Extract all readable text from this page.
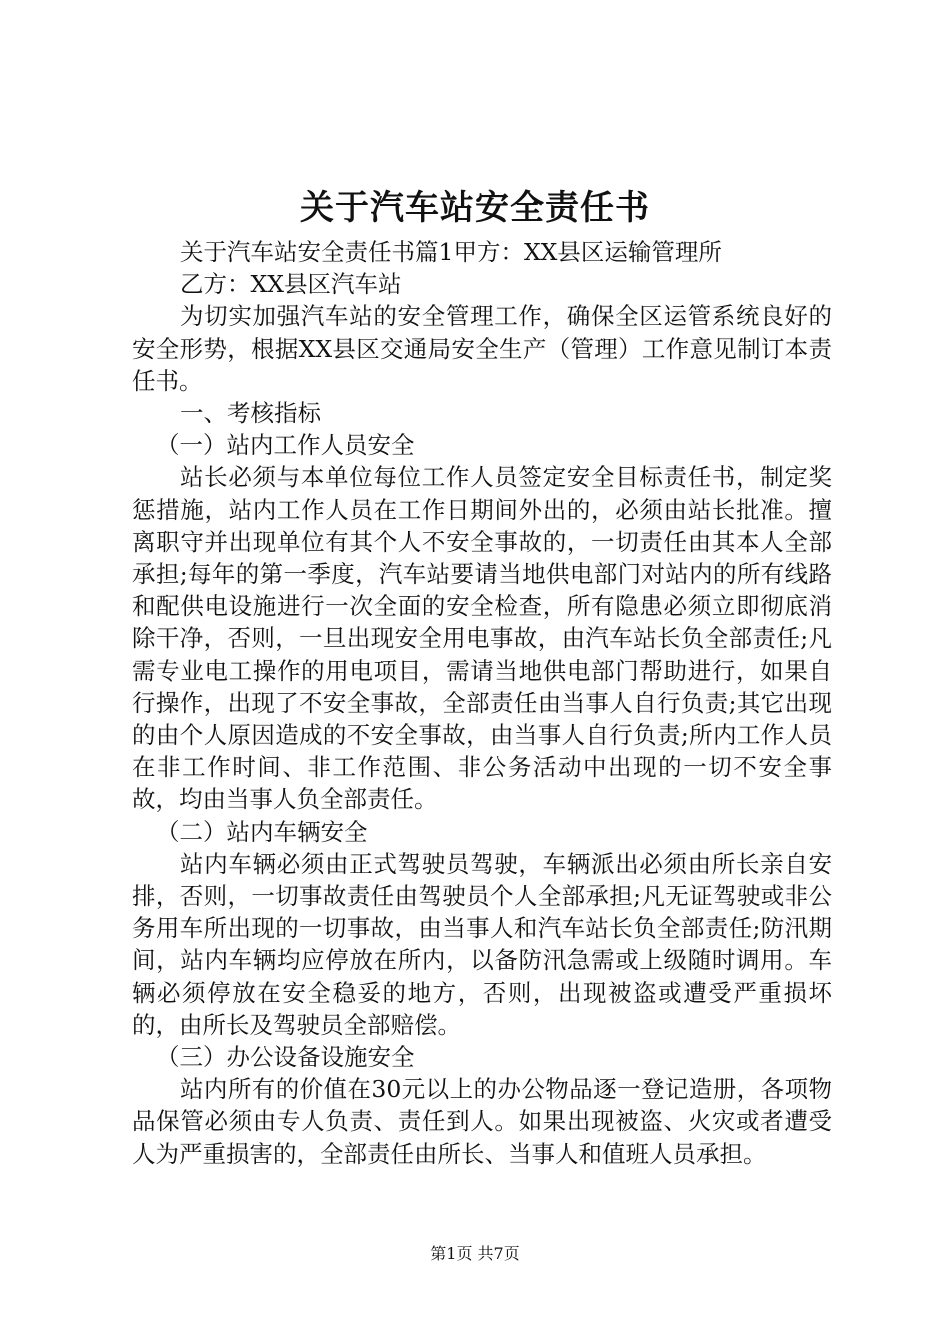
关于汽车站安全责任书

关于汽车站安全责任书篇1甲方：XX县区运输管理所

乙方：XX县区汽车站

为切实加强汽车站的安全管理工作，确保全区运管系统良好的安全形势，根据XX县区交通局安全生产（管理）工作意见制订本责任书。

一、考核指标

（一）站内工作人员安全

站长必须与本单位每位工作人员签定安全目标责任书，制定奖惩措施，站内工作人员在工作日期间外出的，必须由站长批准。擅离职守并出现单位有其个人不安全事故的，一切责任由其本人全部承担;每年的第一季度，汽车站要请当地供电部门对站内的所有线路和配供电设施进行一次全面的安全检查，所有隐患必须立即彻底消除干净，否则，一旦出现安全用电事故，由汽车站长负全部责任;凡需专业电工操作的用电项目，需请当地供电部门帮助进行，如果自行操作，出现了不安全事故，全部责任由当事人自行负责;其它出现的由个人原因造成的不安全事故，由当事人自行负责;所内工作人员在非工作时间、非工作范围、非公务活动中出现的一切不安全事故，均由当事人负全部责任。

（二）站内车辆安全

站内车辆必须由正式驾驶员驾驶，车辆派出必须由所长亲自安排，否则，一切事故责任由驾驶员个人全部承担;凡无证驾驶或非公务用车所出现的一切事故，由当事人和汽车站长负全部责任;防汛期间，站内车辆均应停放在所内，以备防汛急需或上级随时调用。车辆必须停放在安全稳妥的地方，否则，出现被盗或遭受严重损坏的，由所长及驾驶员全部赔偿。

（三）办公设备设施安全

站内所有的价值在30元以上的办公物品逐一登记造册，各项物品保管必须由专人负责、责任到人。如果出现被盗、火灾或者遭受人为严重损害的，全部责任由所长、当事人和值班人员承担。

第1页 共7页
